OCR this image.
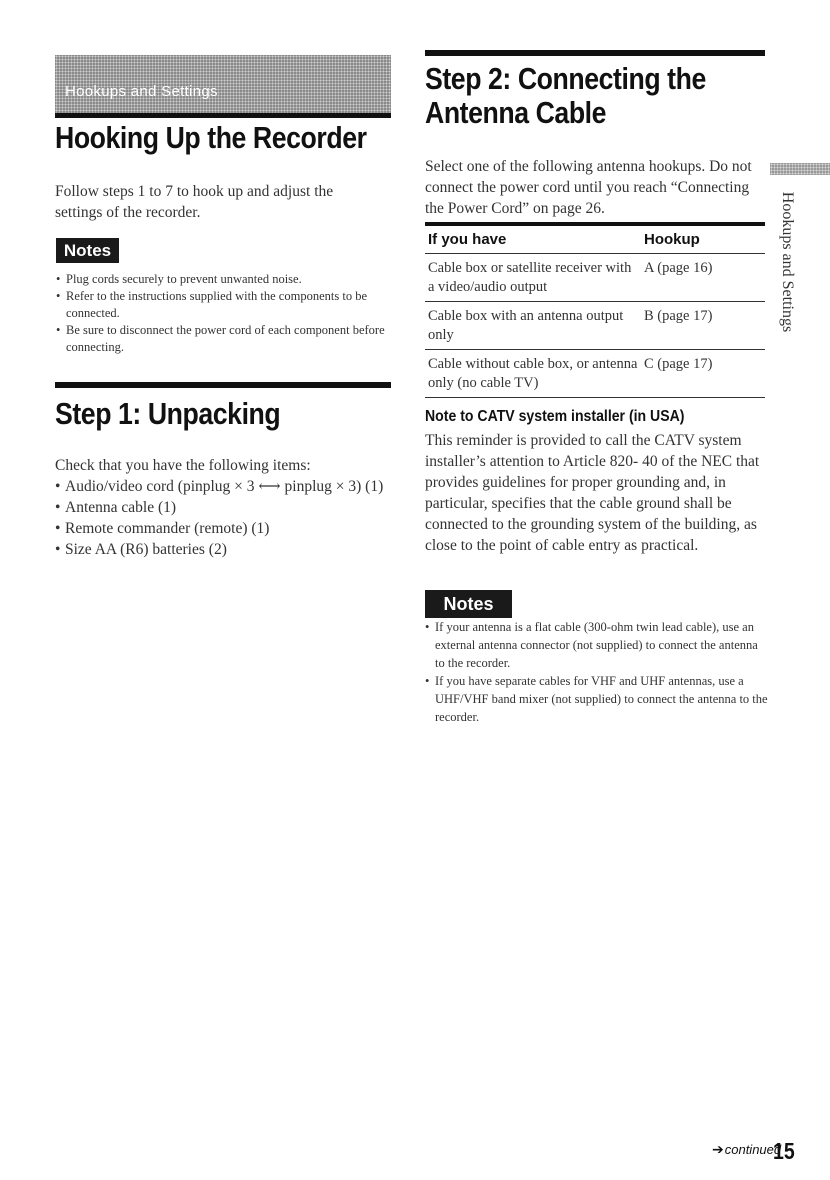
Hookups and Settings
Hooking Up the Recorder

Follow steps 1 to 7 to hook up and adjust the settings of the recorder.

Notes
• Plug cords securely to prevent unwanted noise.
• Refer to the instructions supplied with the components to be connected.
• Be sure to disconnect the power cord of each component before connecting.
Step 1: Unpacking

Check that you have the following items:

• Audio/video cord (pinplug × 3 ⟷ pinplug × 3) (1)
• Antenna cable (1)
• Remote commander (remote) (1)
• Size AA (R6) batteries (2)
Step 2: Connecting the Antenna Cable

Select one of the following antenna hookups. Do not connect the power cord until you reach “Connecting the Power Cord” on page 26.

If you have	Hookup
Cable box or satellite receiver with a video/audio output	A (page 16)
Cable box with an antenna output only	B (page 17)
Cable without cable box, or antenna only (no cable TV)	C (page 17)
Note to CATV system installer (in USA)

This reminder is provided to call the CATV system installer’s attention to Article 820- 40 of the NEC that provides guidelines for proper grounding and, in particular, specifies that the cable ground shall be connected to the grounding system of the building, as close to the point of cable entry as practical.

Notes
• If your antenna is a flat cable (300-ohm twin lead cable), use an external antenna connector (not supplied) to connect the antenna to the recorder.
• If you have separate cables for VHF and UHF antennas, use a UHF/VHF band mixer (not supplied) to connect the antenna to the recorder.
Hookups and Settings
➔continued
15
